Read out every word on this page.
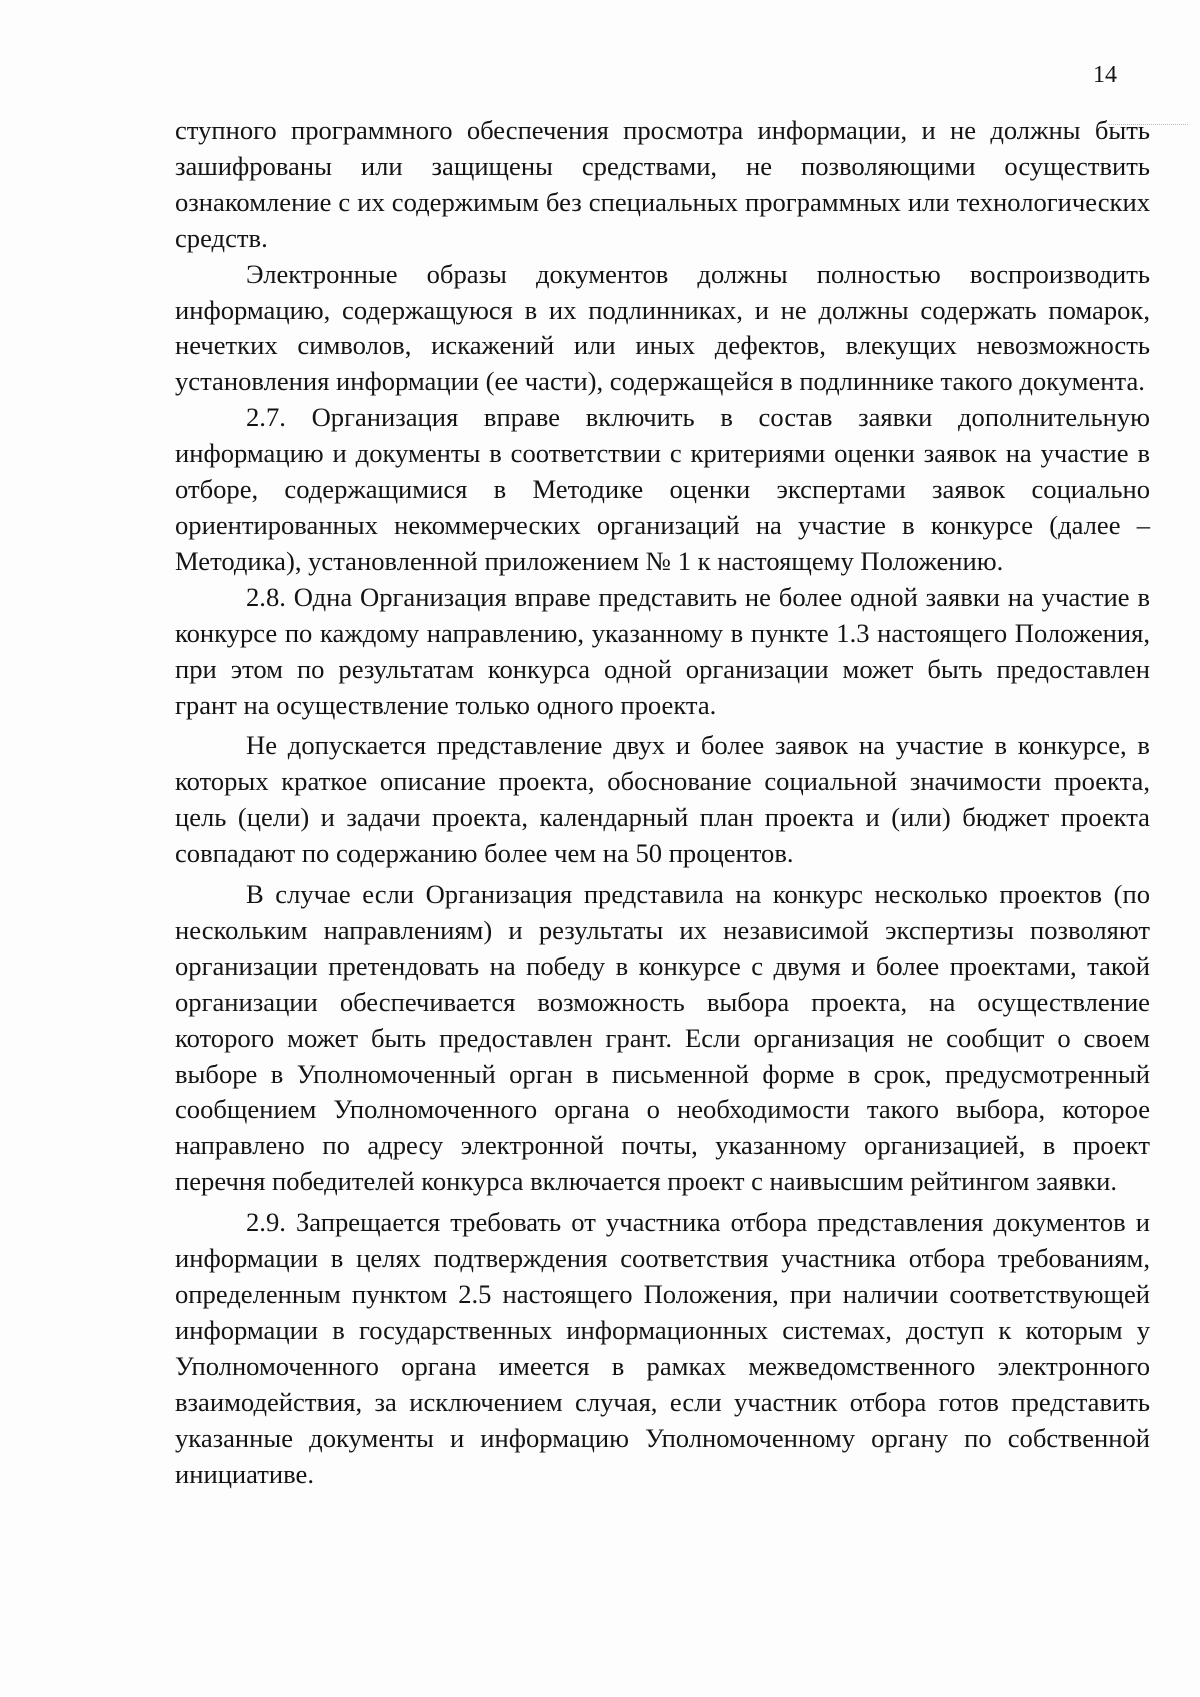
14

ступного программного обеспечения просмотра информации, и не должны быть зашифрованы или защищены средствами, не позволяющими осуществить ознакомление с их содержимым без специальных программных или технологических средств.

Электронные образы документов должны полностью воспроизводить информацию, содержащуюся в их подлинниках, и не должны содержать помарок, нечетких символов, искажений или иных дефектов, влекущих невозможность установления информации (ее части), содержащейся в подлиннике такого документа.

2.7. Организация вправе включить в состав заявки дополнительную информацию и документы в соответствии с критериями оценки заявок на участие в отборе, содержащимися в Методике оценки экспертами заявок социально ориентированных некоммерческих организаций на участие в конкурсе (далее – Методика), установленной приложением № 1 к настоящему Положению.

2.8. Одна Организация вправе представить не более одной заявки на участие в конкурсе по каждому направлению, указанному в пункте 1.3 настоящего Положения, при этом по результатам конкурса одной организации может быть предоставлен грант на осуществление только одного проекта.

Не допускается представление двух и более заявок на участие в конкурсе, в которых краткое описание проекта, обоснование социальной значимости проекта, цель (цели) и задачи проекта, календарный план проекта и (или) бюджет проекта совпадают по содержанию более чем на 50 процентов.

В случае если Организация представила на конкурс несколько проектов (по нескольким направлениям) и результаты их независимой экспертизы позволяют организации претендовать на победу в конкурсе с двумя и более проектами, такой организации обеспечивается возможность выбора проекта, на осуществление которого может быть предоставлен грант. Если организация не сообщит о своем выборе в Уполномоченный орган в письменной форме в срок, предусмотренный сообщением Уполномоченного органа о необходимости такого выбора, которое направлено по адресу электронной почты, указанному организацией, в проект перечня победителей конкурса включается проект с наивысшим рейтингом заявки.

2.9. Запрещается требовать от участника отбора представления документов и информации в целях подтверждения соответствия участника отбора требованиям, определенным пунктом 2.5 настоящего Положения, при наличии соответствующей информации в государственных информационных системах, доступ к которым у Уполномоченного органа имеется в рамках межведомственного электронного взаимодействия, за исключением случая, если участник отбора готов представить указанные документы и информацию Уполномоченному органу по собственной инициативе.
